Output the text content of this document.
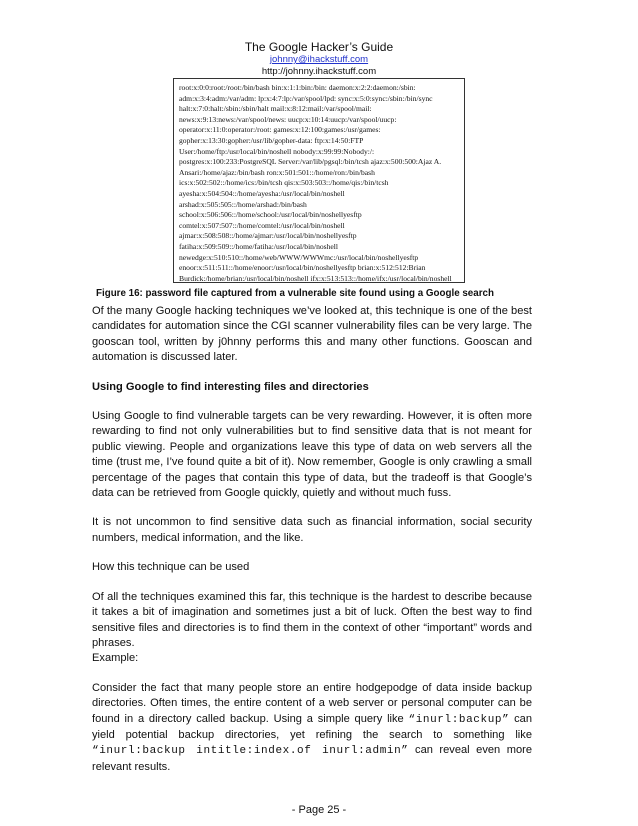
The Google Hacker’s Guide
johnny@ihackstuff.com
http://johnny.ihackstuff.com
root:x:0:0:root:/root:/bin/bash bin:x:1:1:bin:/bin: daemon:x:2:2:daemon:/sbin:
adm:x:3:4:adm:/var/adm: lp:x:4:7:lp:/var/spool/lpd: sync:x:5:0:sync:/sbin:/bin/sync
halt:x:7:0:halt:/sbin:/sbin/halt mail:x:8:12:mail:/var/spool/mail:
news:x:9:13:news:/var/spool/news: uucp:x:10:14:uucp:/var/spool/uucp:
operator:x:11:0:operator:/root: games:x:12:100:games:/usr/games:
gopher:x:13:30:gopher:/usr/lib/gopher-data: ftp:x:14:50:FTP
User:/home/ftp:/usr/local/bin/noshell nobody:x:99:99:Nobody:/:
postgres:x:100:233:PostgreSQL Server:/var/lib/pgsql:/bin/tcsh ajaz:x:500:500:Ajaz A.
Ansari:/home/ajaz:/bin/bash ron:x:501:501::/home/ron:/bin/bash
ics:x:502:502::/home/ics:/bin/tcsh qis:x:503:503::/home/qis:/bin/tcsh
ayesha:x:504:504::/home/ayesha:/usr/local/bin/noshell
arshad:x:505:505::/home/arshad:/bin/bash
school:x:506:506::/home/school:/usr/local/bin/noshellyesftp
comtel:x:507:507::/home/comtel:/usr/local/bin/noshell
ajmar:x:508:508::/home/ajmar:/usr/local/bin/noshellyesftp
fatiha:x:509:509::/home/fatiha:/usr/local/bin/noshell
newedge:x:510:510::/home/web/WWW/WWWmc:/usr/local/bin/noshellyesftp
enoor:x:511:511::/home/enoor:/usr/local/bin/noshellyesftp brian:x:512:512:Brian
Burdick:/home/brian:/usr/local/bin/noshell ifx:x:513:513::/home/ifx:/usr/local/bin/noshell
Figure 16: password file captured from a vulnerable site found using a Google search

Of the many Google hacking techniques we’ve looked at, this technique is one of the best candidates for automation since the CGI scanner vulnerability files can be very large. The gooscan tool, written by j0hnny performs this and many other functions. Gooscan and automation is discussed later.

Using Google to find interesting files and directories

Using Google to find vulnerable targets can be very rewarding. However, it is often more rewarding to find not only vulnerabilities but to find sensitive data that is not meant for public viewing. People and organizations leave this type of data on web servers all the time (trust me, I’ve found quite a bit of it). Now remember, Google is only crawling a small percentage of the pages that contain this type of data, but the tradeoff is that Google’s data can be retrieved from Google quickly, quietly and without much fuss.

It is not uncommon to find sensitive data such as financial information, social security numbers, medical information, and the like.

How this technique can be used

Of all the techniques examined this far, this technique is the hardest to describe because it takes a bit of imagination and sometimes just a bit of luck. Often the best way to find sensitive files and directories is to find them in the context of other “important” words and phrases.

Example:

Consider the fact that many people store an entire hodgepodge of data inside backup directories. Often times, the entire content of a web server or personal computer can be found in a directory called backup. Using a simple query like “inurl:backup” can yield potential backup directories, yet refining the search to something like “inurl:backup intitle:index.of inurl:admin” can reveal even more relevant results.

- Page 25 -
